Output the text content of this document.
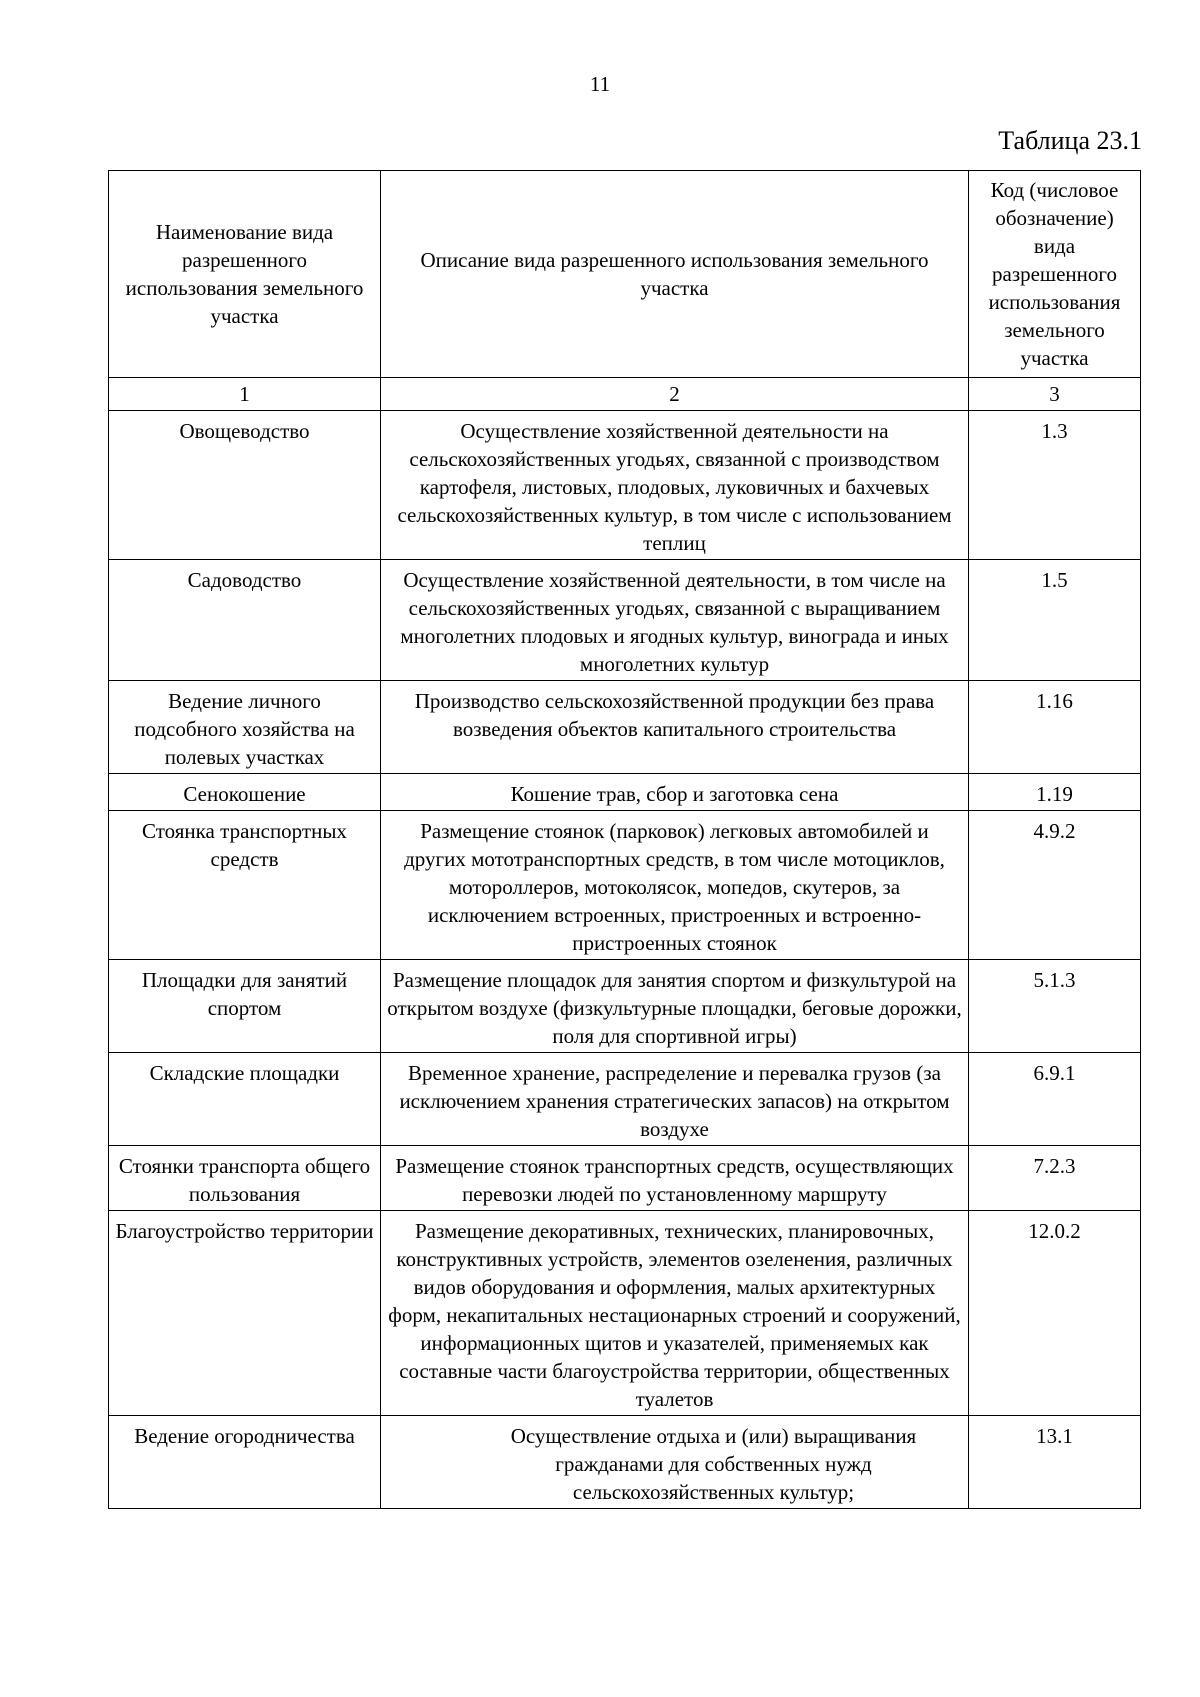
11
Таблица 23.1
Наименование вида разрешенного использования земельного участка	Описание вида разрешенного использования земельного участка	Код (числовое обозначение) вида разрешенного использования земельного участка
1	2	3
Овощеводство	Осуществление хозяйственной деятельности на сельскохозяйственных угодьях, связанной с производством картофеля, листовых, плодовых, луковичных и бахчевых сельскохозяйственных культур, в том числе с использованием теплиц	1.3
Садоводство	Осуществление хозяйственной деятельности, в том числе на сельскохозяйственных угодьях, связанной с выращиванием многолетних плодовых и ягодных культур, винограда и иных многолетних культур	1.5
Ведение личного подсобного хозяйства на полевых участках	Производство сельскохозяйственной продукции без права возведения объектов капитального строительства	1.16
Сенокошение	Кошение трав, сбор и заготовка сена	1.19
Стоянка транспортных средств	Размещение стоянок (парковок) легковых автомобилей и других мототранспортных средств, в том числе мотоциклов, мотороллеров, мотоколясок, мопедов, скутеров, за исключением встроенных, пристроенных и встроенно-пристроенных стоянок	4.9.2
Площадки для занятий спортом	Размещение площадок для занятия спортом и физкультурой на открытом воздухе (физкультурные площадки, беговые дорожки, поля для спортивной игры)	5.1.3
Складские площадки	Временное хранение, распределение и перевалка грузов (за исключением хранения стратегических запасов) на открытом воздухе	6.9.1
Стоянки транспорта общего пользования	Размещение стоянок транспортных средств, осуществляющих перевозки людей по установленному маршруту	7.2.3
Благоустройство территории	Размещение декоративных, технических, планировочных, конструктивных устройств, элементов озеленения, различных видов оборудования и оформления, малых архитектурных форм, некапитальных нестационарных строений и сооружений, информационных щитов и указателей, применяемых как составные части благоустройства территории, общественных туалетов	12.0.2
Ведение огородничества	Осуществление отдыха и (или) выращивания гражданами для собственных нужд сельскохозяйственных культур;	13.1
